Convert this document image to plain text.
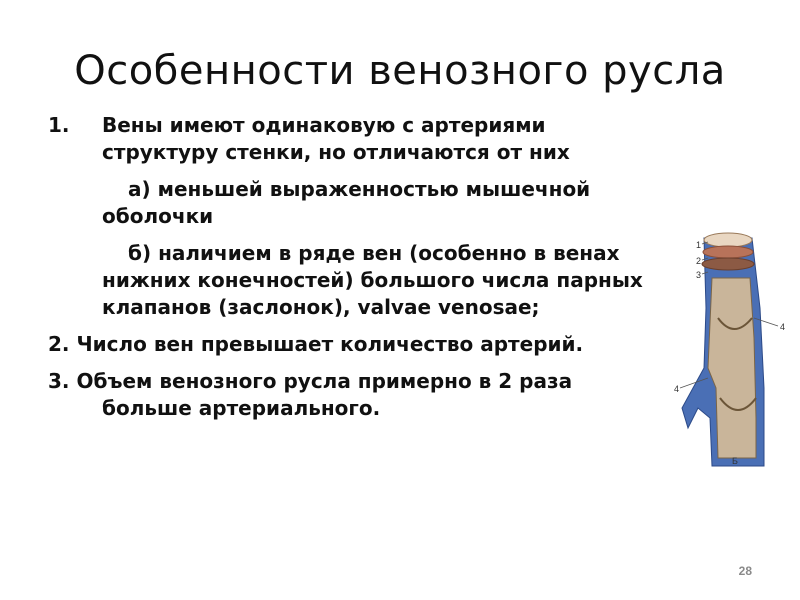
Особенности венозного русла
1.	Вены имеют одинаковую с артериями
структуру стенки, но отличаются от них
а) меньшей выраженностью мышечной
оболочки
б) наличием в ряде вен (особенно в венах
нижних конечностей) большого числа парных
клапанов (заслонок), valvae venosae;
2. Число вен превышает количество артерий.
3. Объем венозного русла примерно в 2 раза
больше артериального.
1
2
3
4
4
Б
28
